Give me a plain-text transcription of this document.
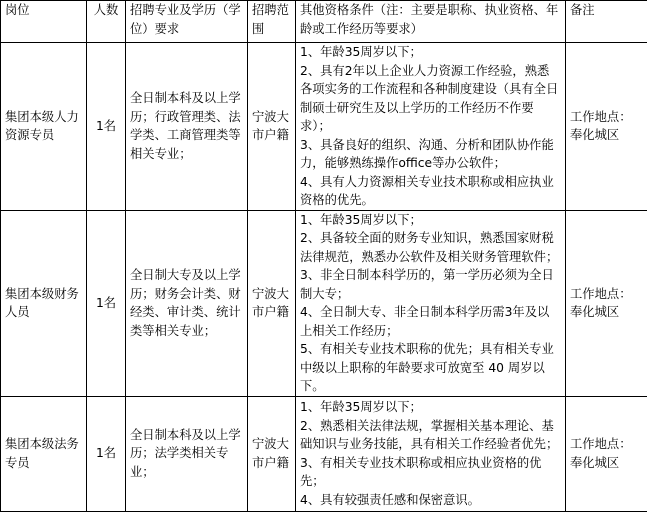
岗位	人数	招聘专业及学历（学位）要求	招聘范围	其他资格条件（注：主要是职称、执业资格、年龄或工作经历等要求）	备注
集团本级人力资源专员	1名	全日制本科及以上学历；行政管理类、法学类、工商管理类等相关专业；	宁波大市户籍	1、年龄35周岁以下；
2、具有2年以上企业人力资源工作经验，熟悉各项实务的工作流程和各种制度建设（具有全日制硕士研究生及以上学历的工作经历不作要求）；
3、具备良好的组织、沟通、分析和团队协作能力，能够熟练操作office等办公软件；
4、具有人力资源相关专业技术职称或相应执业资格的优先。	工作地点：奉化城区
集团本级财务人员	1名	全日制大专及以上学历；财务会计类、财经类、审计类、统计类等相关专业；	宁波大市户籍	1、年龄35周岁以下；
2、具备较全面的财务专业知识，熟悉国家财税法律规范，熟悉办公软件及相关财务管理软件；
3、非全日制本科学历的，第一学历必须为全日制大专；
4、全日制大专、非全日制本科学历需3年及以上相关工作经历；
5、有相关专业技术职称的优先；具有相关专业中级以上职称的年龄要求可放宽至 40 周岁以下。	工作地点：奉化城区
集团本级法务专员	1名	全日制本科及以上学历；法学类相关专业；	宁波大市户籍	1、年龄35周岁以下；
2、熟悉相关法律法规，掌握相关基本理论、基础知识与业务技能，具有相关工作经验者优先；
3、有相关专业技术职称或相应执业资格的优先；
4、具有较强责任感和保密意识。	工作地点：奉化城区
